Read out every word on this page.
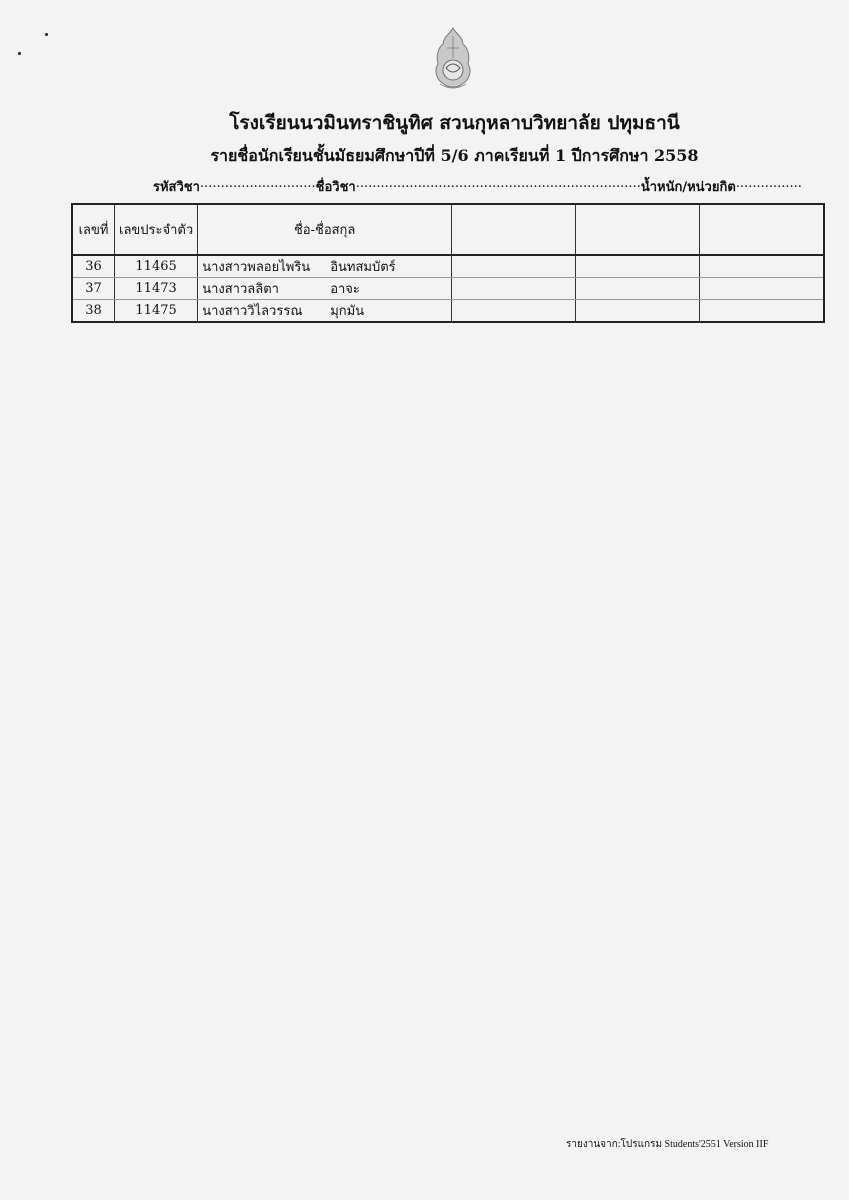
โรงเรียนนวมินทราชินูทิศ สวนกุหลาบวิทยาลัย ปทุมธานี
รายชื่อนักเรียนชั้นมัธยมศึกษาปีที่ 5/6 ภาคเรียนที่ 1 ปีการศึกษา 2558
รหัสวิชา ............................ ชื่อวิชา ..................................................................... น้ำหนัก/หน่วยกิต ................
เลขที่	เลขประจำตัว	ชื่อ-ชื่อสกุล			
36	11465	นางสาวพลอยไพริน อินทสมบัตร์			
37	11473	นางสาวลลิตา อาจะ			
38	11475	นางสาววิไลวรรณ มุกมัน			
รายงานจาก:โปรแกรม Students'2551 Version IIF
